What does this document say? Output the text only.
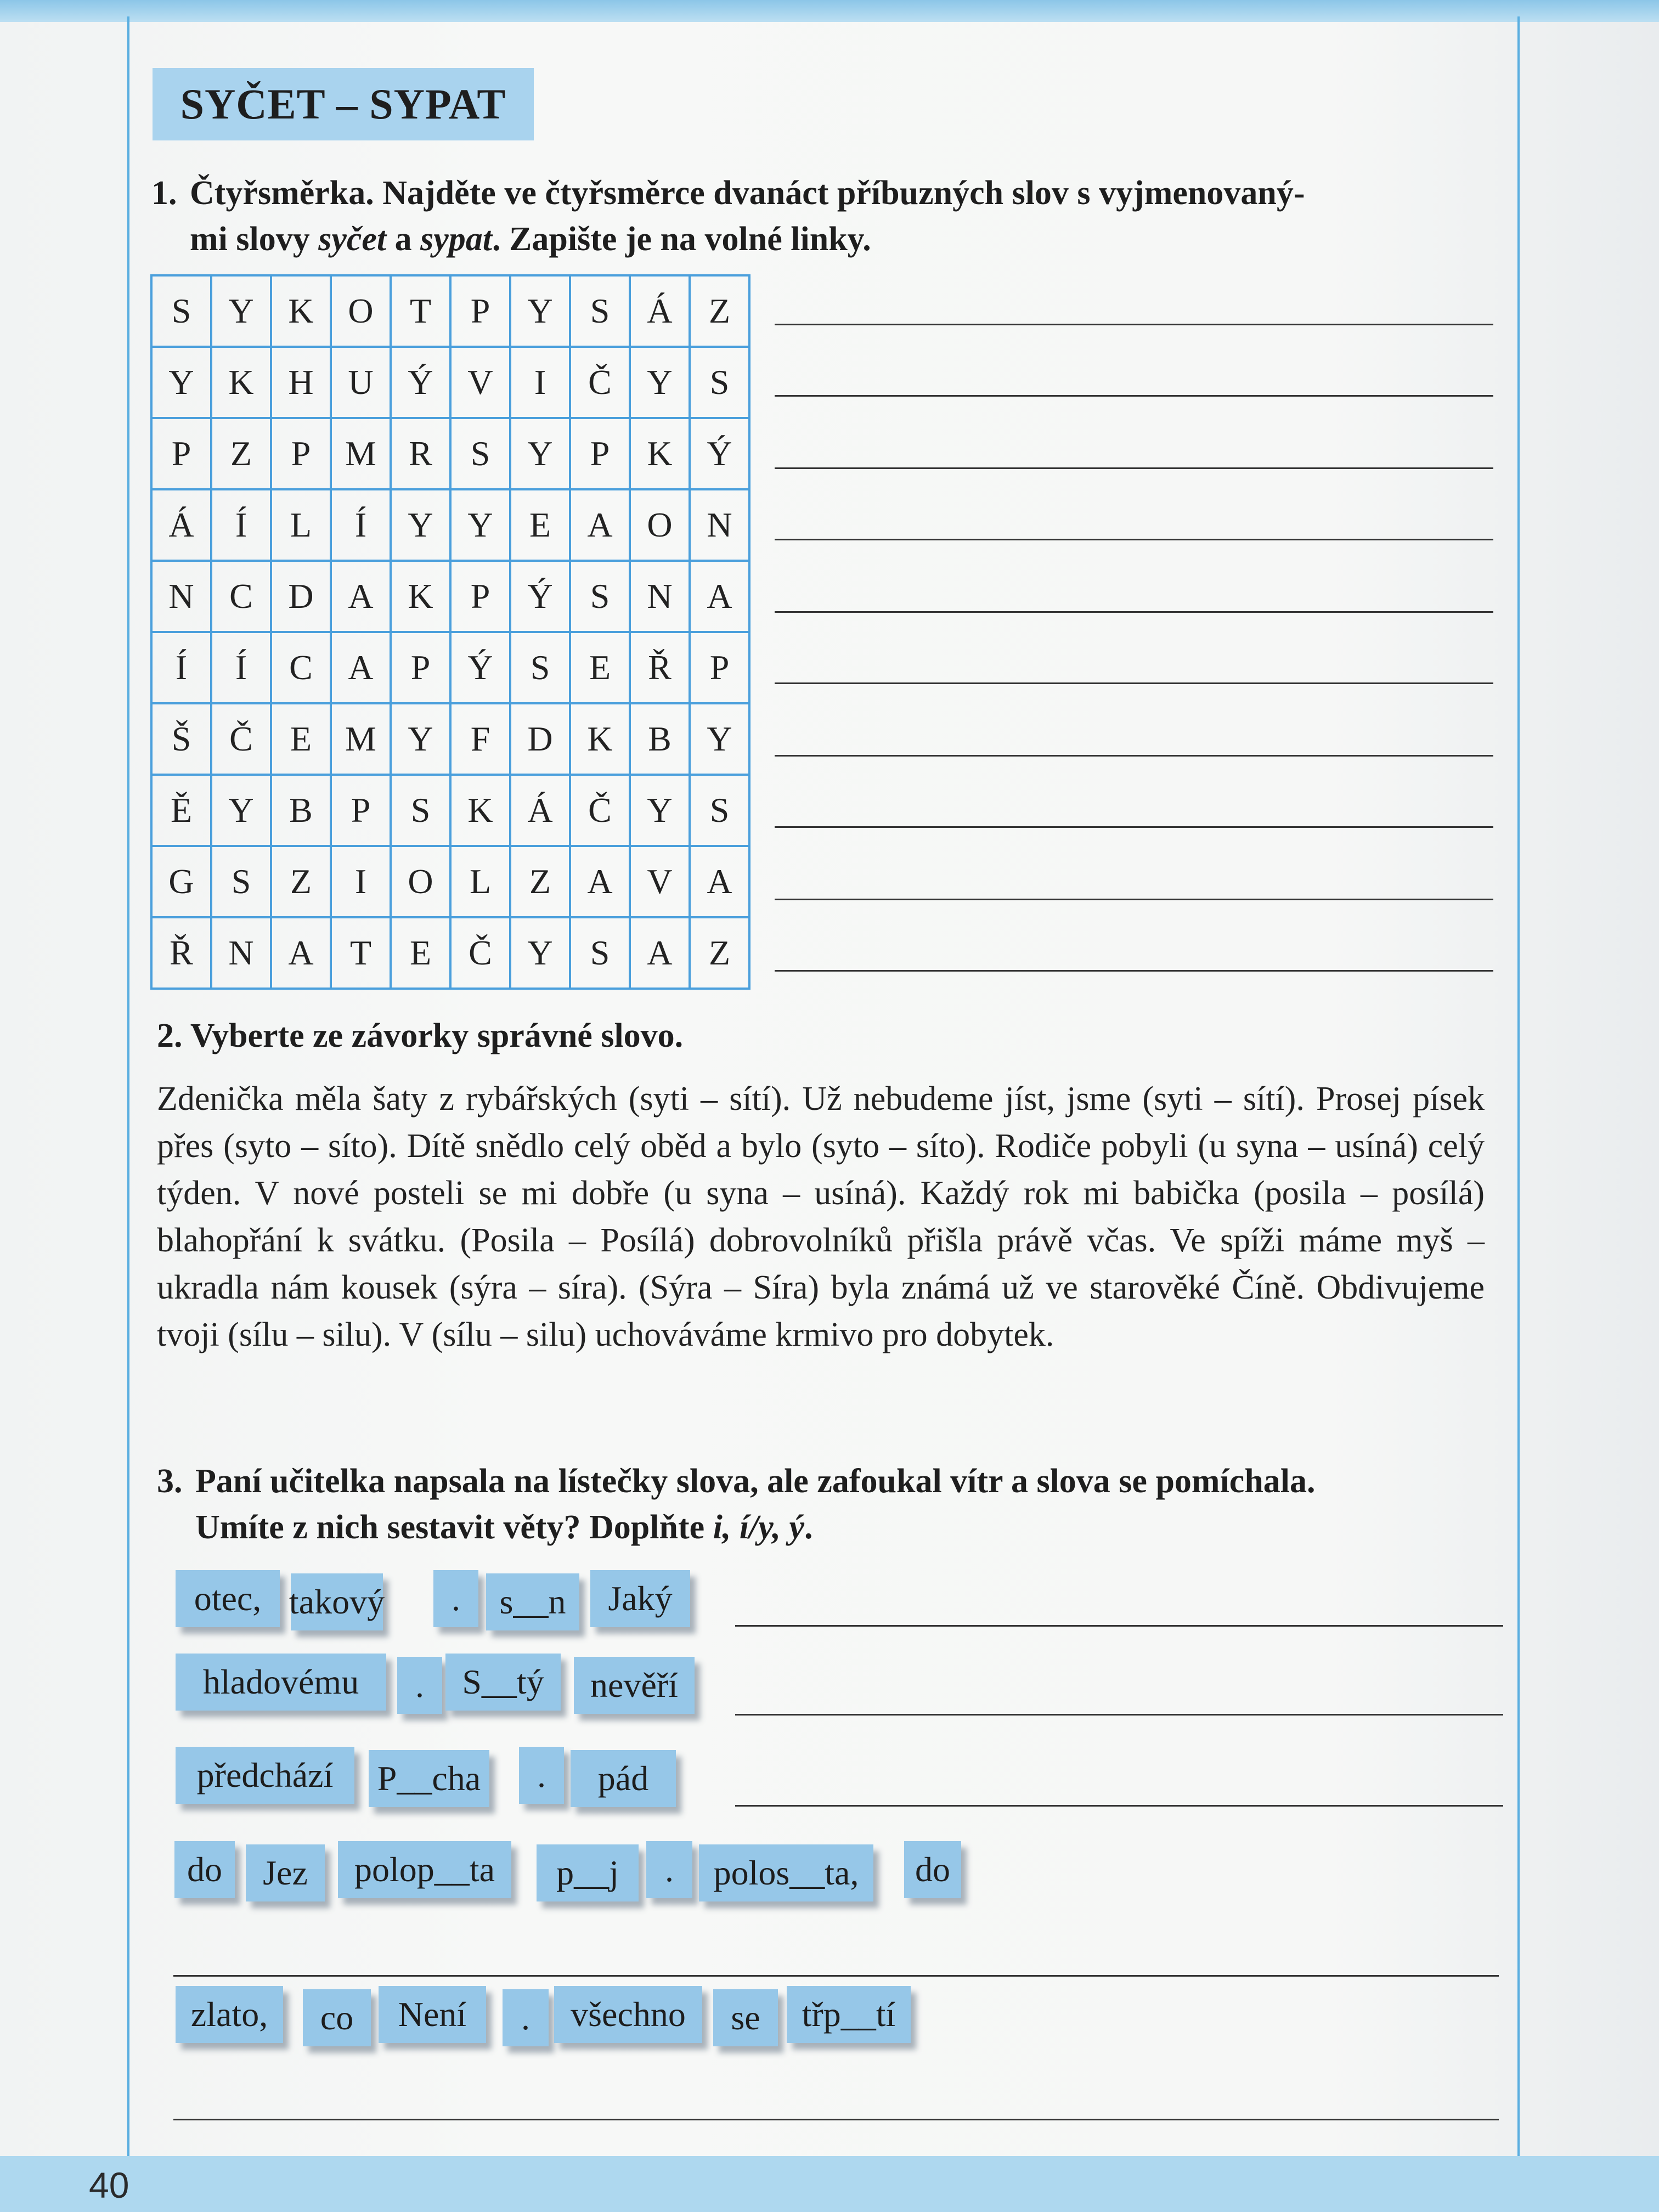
40
SYČET – SYPAT
1. Čtyřsměrka. Najděte ve čtyřsměrce dvanáct příbuzných slov s vyjmenovaný-
mi slovy syčet a sypat. Zapište je na volné linky.
S	Y K O	T	P	Y	S	Á	Z
Y K H U Ý V	I	Č	Y	S
P	Z	P M R	S	Y	P	K Ý
Á	Í	L	Í	Y Y	E	A O N
N	C	D A K	P	Ý	S	N A
Í	Í	C	A	P	Ý	S	E	Ř	P
Š	Č	E M Y	F	D K	B	Y
Ě	Y	B	P	S	K Á	Č	Y	S
G	S	Z	I	O	L	Z	A V A
Ř	N A	T	E	Č	Y	S	A	Z
2. Vyberte ze závorky správné slovo.
Zdenička měla šaty z rybářských (syti – sítí). Už nebudeme jíst, jsme (syti – sítí). Prosej písek přes (syto – síto). Dítě snědlo celý oběd a bylo (syto – síto). Rodiče pobyli (u syna – usíná) celý týden. V nové posteli se mi dobře (u syna – usíná). Každý rok mi babička (posila – posílá) blahopřání k svátku. (Posila – Posílá) dobrovolníků přišla právě včas. Ve spíži máme myš – ukradla nám kousek (sýra – síra). (Sýra – Síra) byla známá už ve starověké Číně. Obdivujeme tvoji (sílu – silu). V (sílu – silu) uchováváme krmivo pro dobytek.
3. Paní učitelka napsala na lístečky slova, ale zafoukal vítr a slova se pomíchala.
Umíte z nich sestavit věty? Doplňte i, í/y, ý.
otec, takový	.	s__n	Jaký
hladovému	.	S__tý	nevěří
předchází	P__cha	.	pád
do	Jez	polop__ta	p__j	.	polos__ta,	do
zlato,	co	Není	.	všechno	se	třp__tí
